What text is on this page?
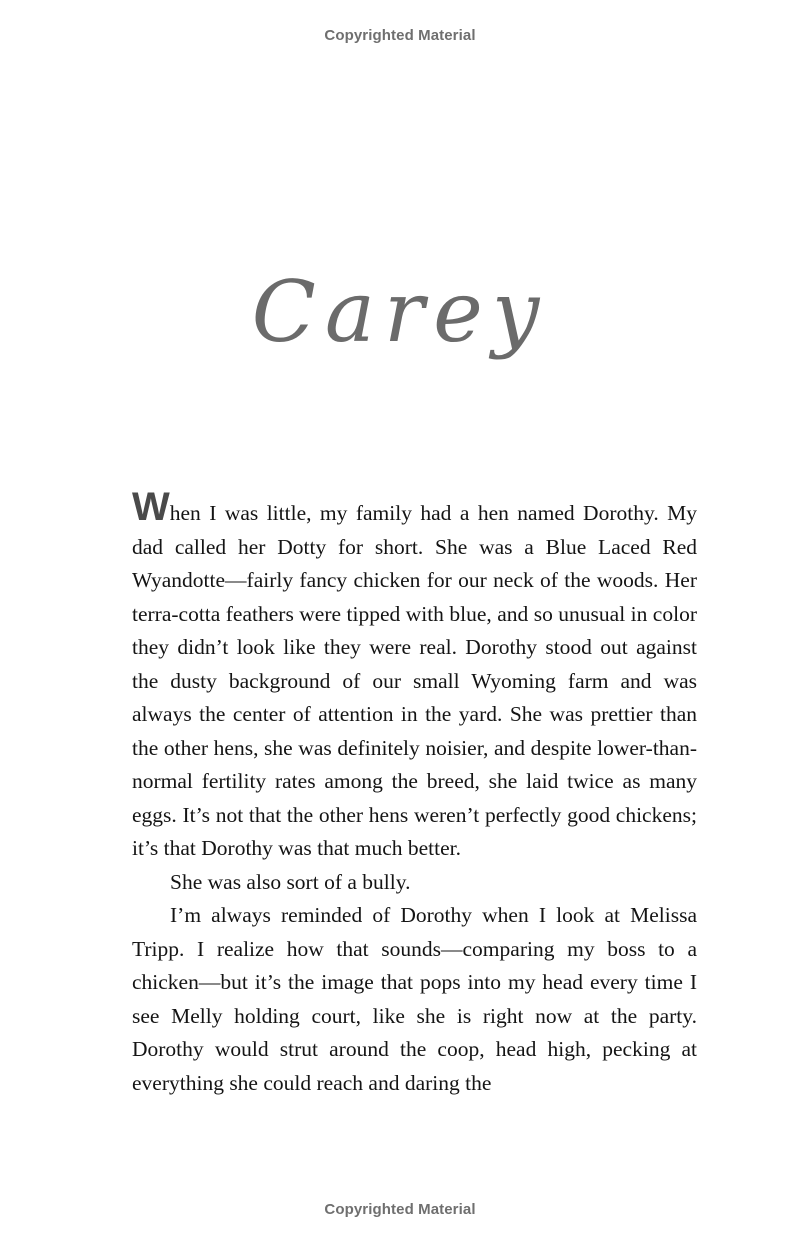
Copyrighted Material
Carey

When I was little, my family had a hen named Dorothy. My dad called her Dotty for short. She was a Blue Laced Red Wyandotte—fairly fancy chicken for our neck of the woods. Her terra-cotta feathers were tipped with blue, and so unusual in color they didn’t look like they were real. Dorothy stood out against the dusty background of our small Wyoming farm and was always the center of attention in the yard. She was prettier than the other hens, she was definitely noisier, and despite lower-than-normal fertility rates among the breed, she laid twice as many eggs. It’s not that the other hens weren’t perfectly good chickens; it’s that Dorothy was that much better.

She was also sort of a bully.

I’m always reminded of Dorothy when I look at Melissa Tripp. I realize how that sounds—comparing my boss to a chicken—but it’s the image that pops into my head every time I see Melly holding court, like she is right now at the party. Dorothy would strut around the coop, head high, pecking at everything she could reach and daring the

Copyrighted Material
